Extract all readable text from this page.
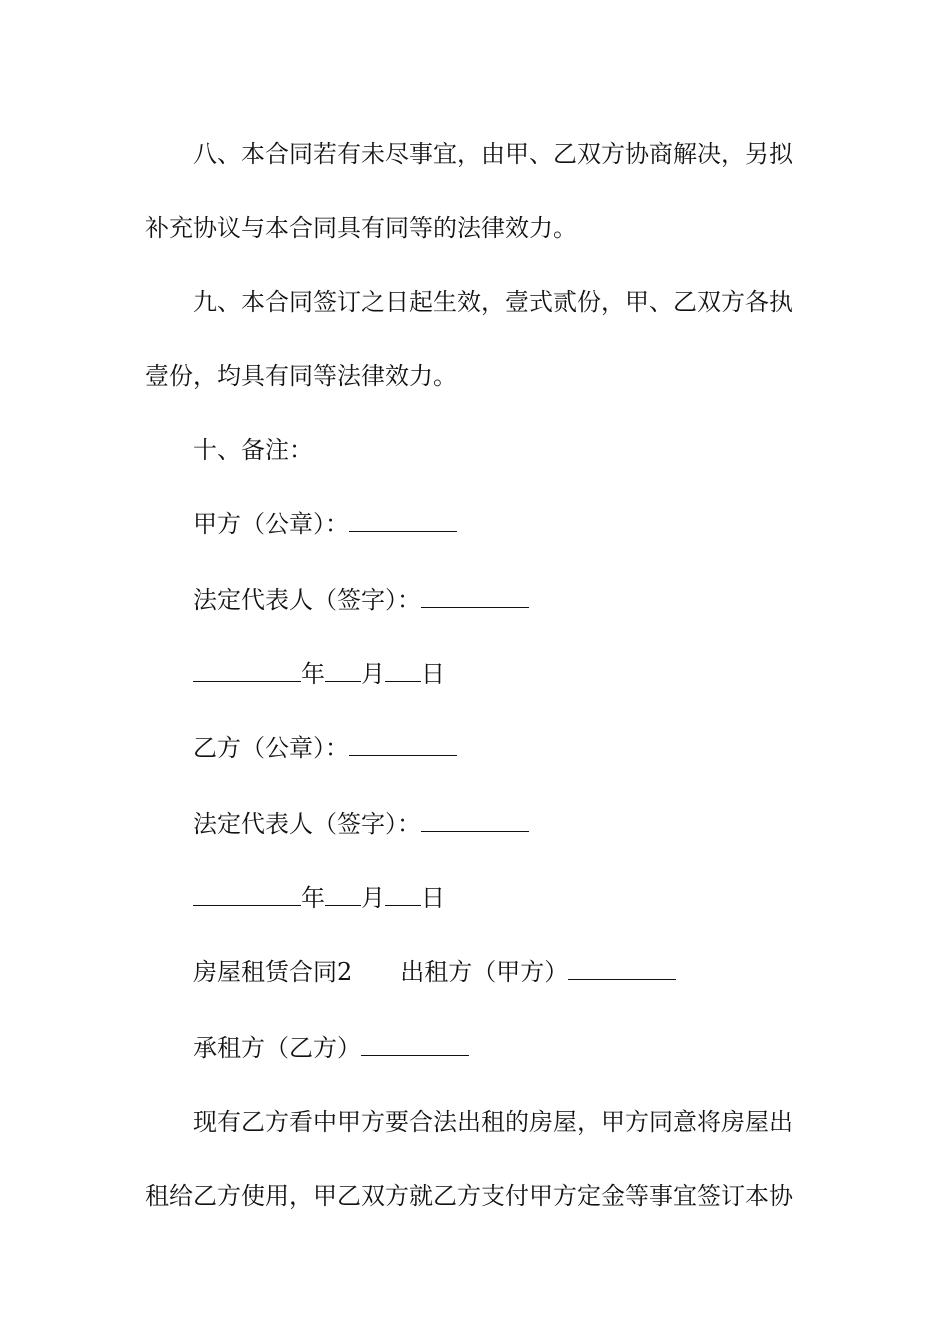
八、本合同若有未尽事宜，由甲、乙双方协商解决，另拟
补充协议与本合同具有同等的法律效力。
九、本合同签订之日起生效，壹式贰份，甲、乙双方各执
壹份，均具有同等法律效力。
十、备注：
甲方（公章）：
法定代表人（签字）：
年 月 日
乙方（公章）：
法定代表人（签字）：
年 月 日
房屋租赁合同2 出租方（甲方）
承租方（乙方）
现有乙方看中甲方要合法出租的房屋，甲方同意将房屋出
租给乙方使用，甲乙双方就乙方支付甲方定金等事宜签订本协
